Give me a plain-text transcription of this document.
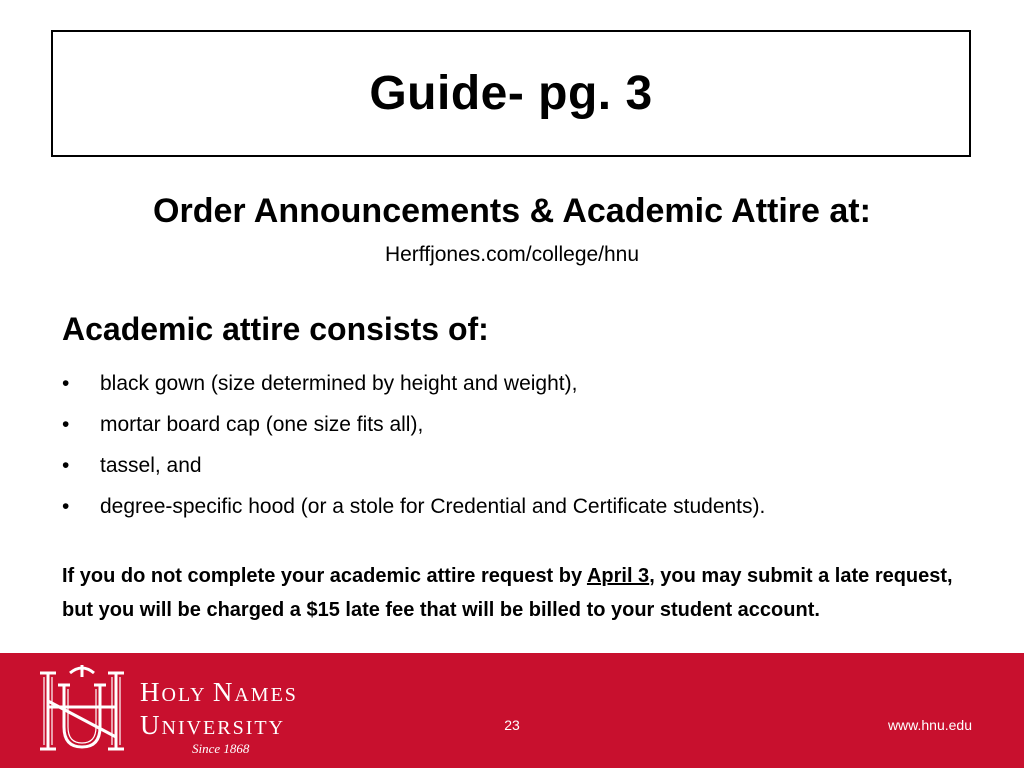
Guide- pg. 3
Order Announcements & Academic Attire at:
Herffjones.com/college/hnu
Academic attire consists of:
• black gown (size determined by height and weight),
• mortar board cap (one size fits all),
• tassel, and
• degree-specific hood (or a stole for Credential and Certificate students).

If you do not complete your academic attire request by April 3, you may submit a late request, but you will be charged a $15 late fee that will be billed to your student account.

HOLY NAMES
UNIVERSITY
Since 1868
23	www.hnu.edu
